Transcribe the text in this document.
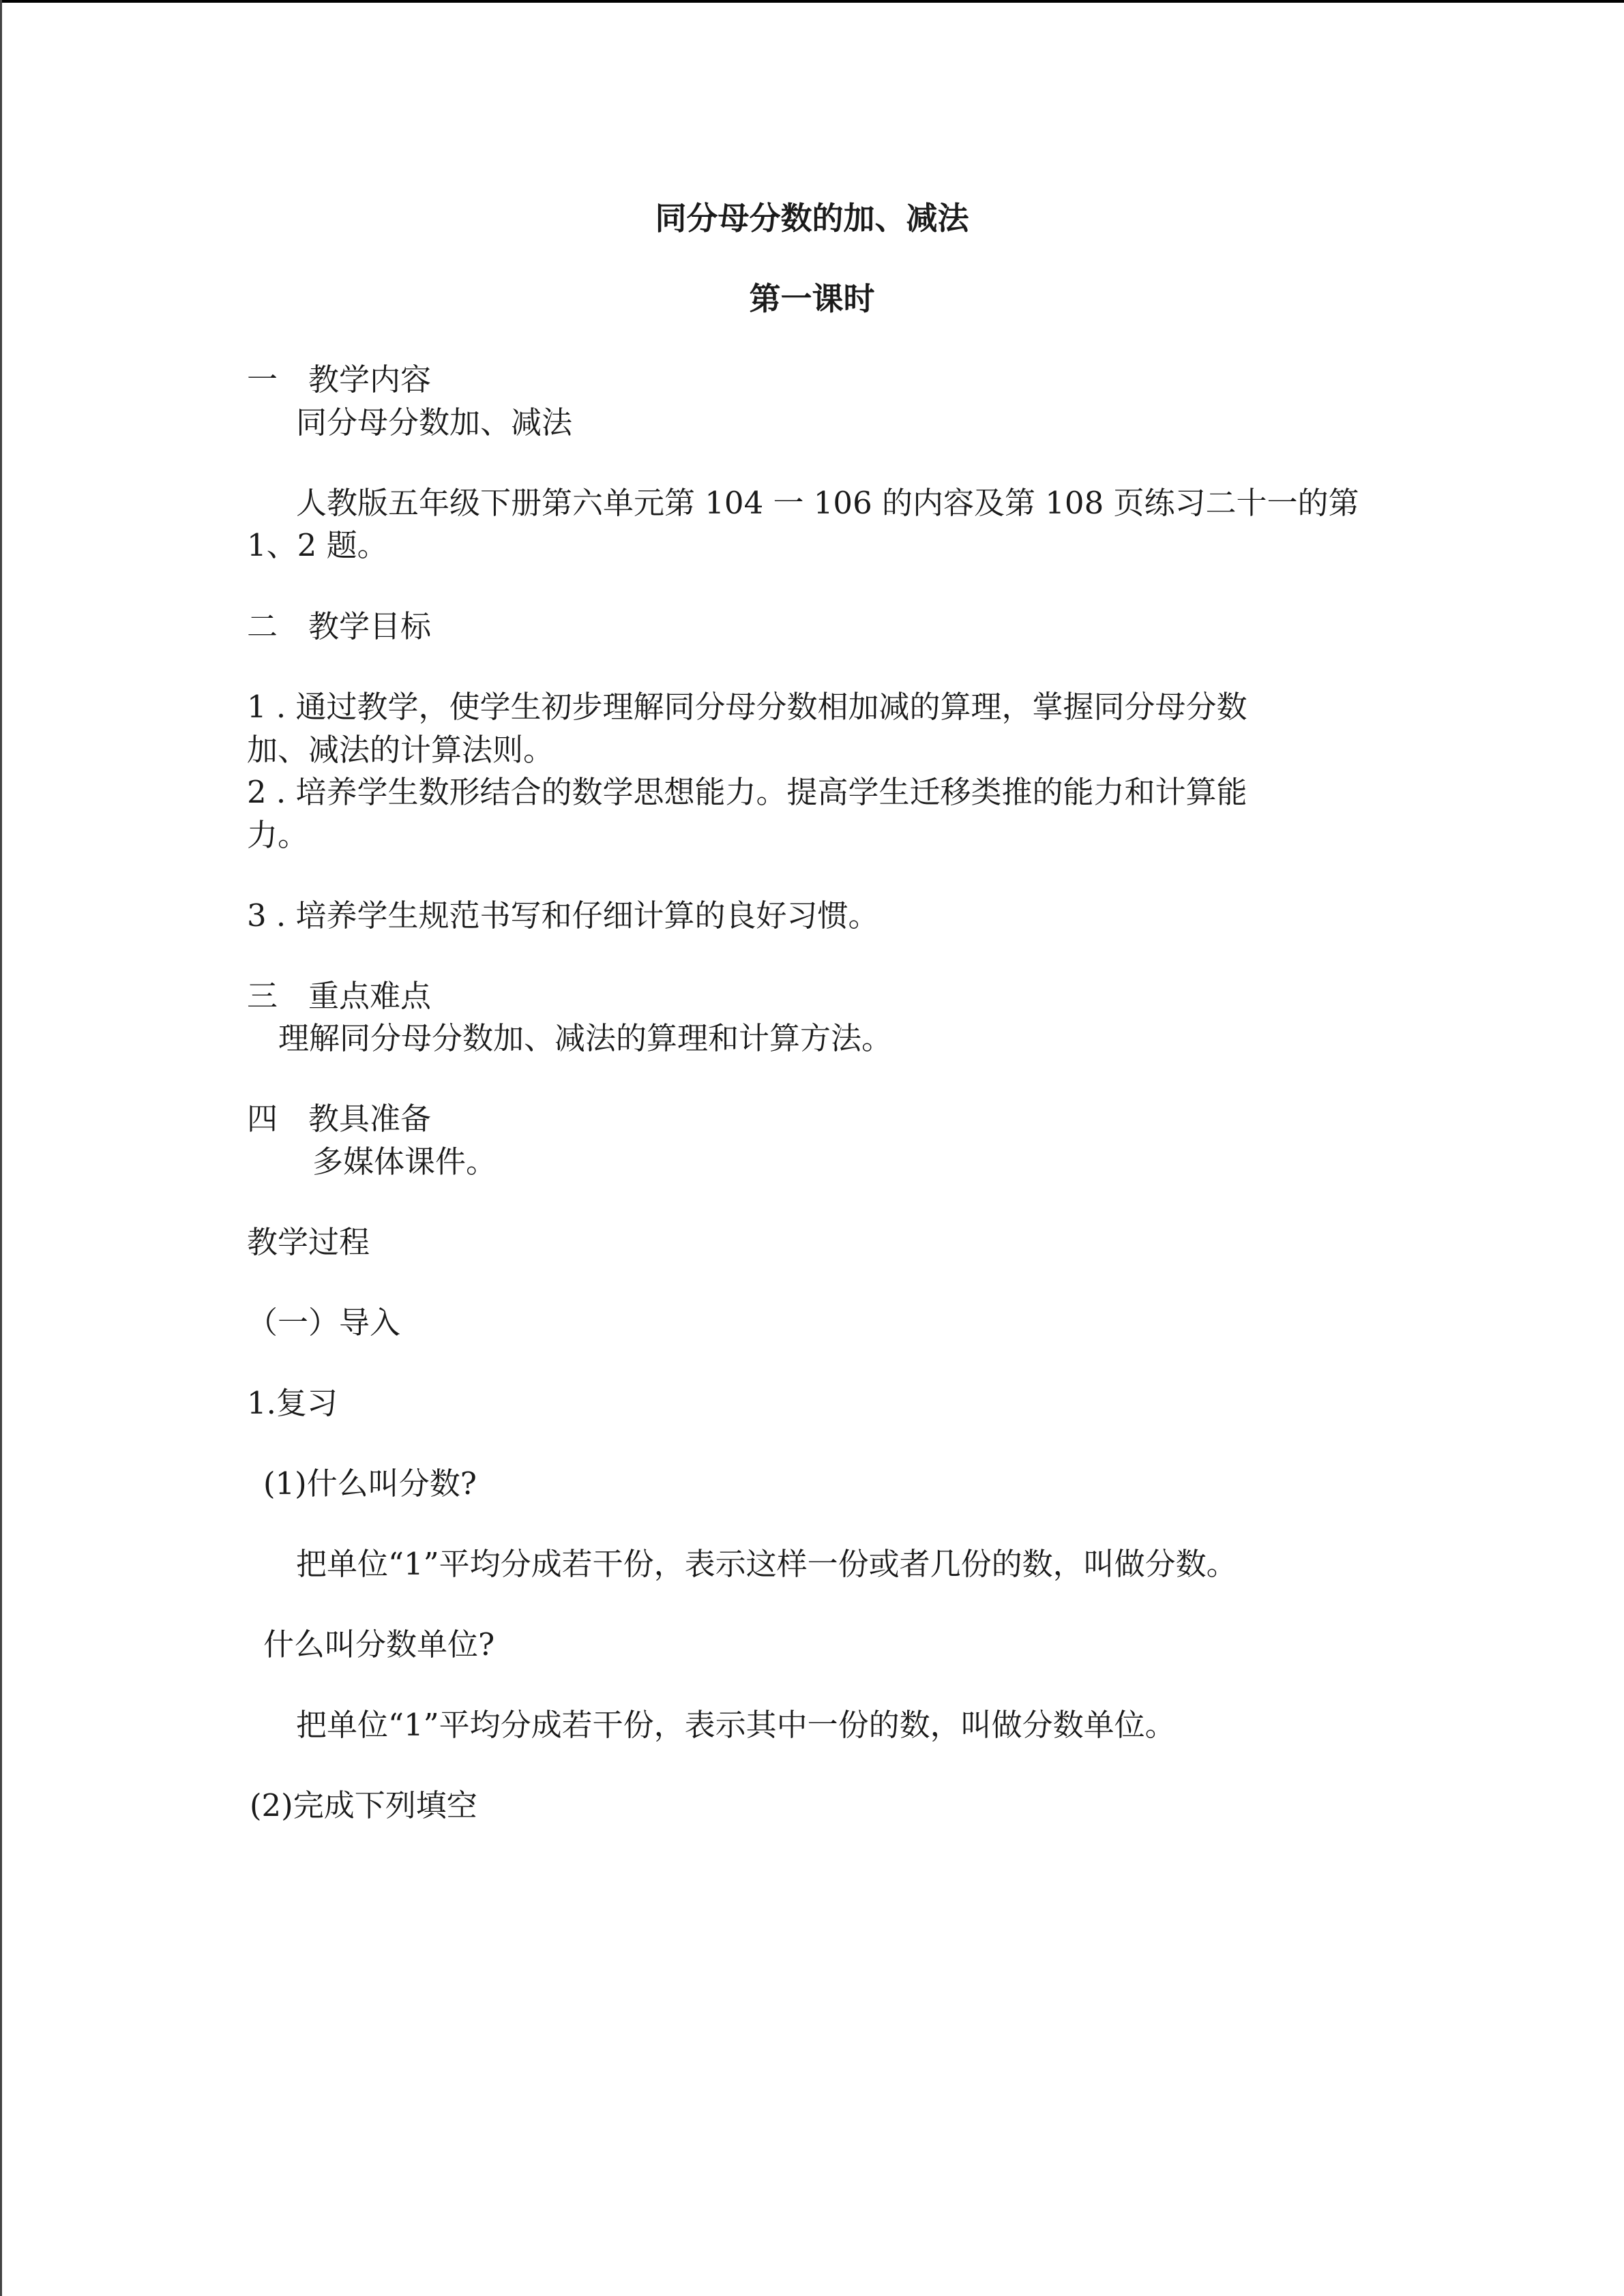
同分母分数的加、减法
第一课时

一　教学内容

同分母分数加、减法

人教版五年级下册第六单元第 104 一 106 的内容及第 108 页练习二十一的第

1、2 题。

二　教学目标

1 . 通过教学，使学生初步理解同分母分数相加减的算理，掌握同分母分数

加、减法的计算法则。

2 . 培养学生数形结合的数学思想能力。提高学生迁移类推的能力和计算能

力。

3 . 培养学生规范书写和仔细计算的良好习惯。

三　重点难点

理解同分母分数加、减法的算理和计算方法。

四　教具准备

多媒体课件。

教学过程

（一）导入

1.复习

(1)什么叫分数?

把单位“1”平均分成若干份，表示这样一份或者几份的数，叫做分数。

什么叫分数单位?

把单位“1”平均分成若干份，表示其中一份的数，叫做分数单位。

(2)完成下列填空
